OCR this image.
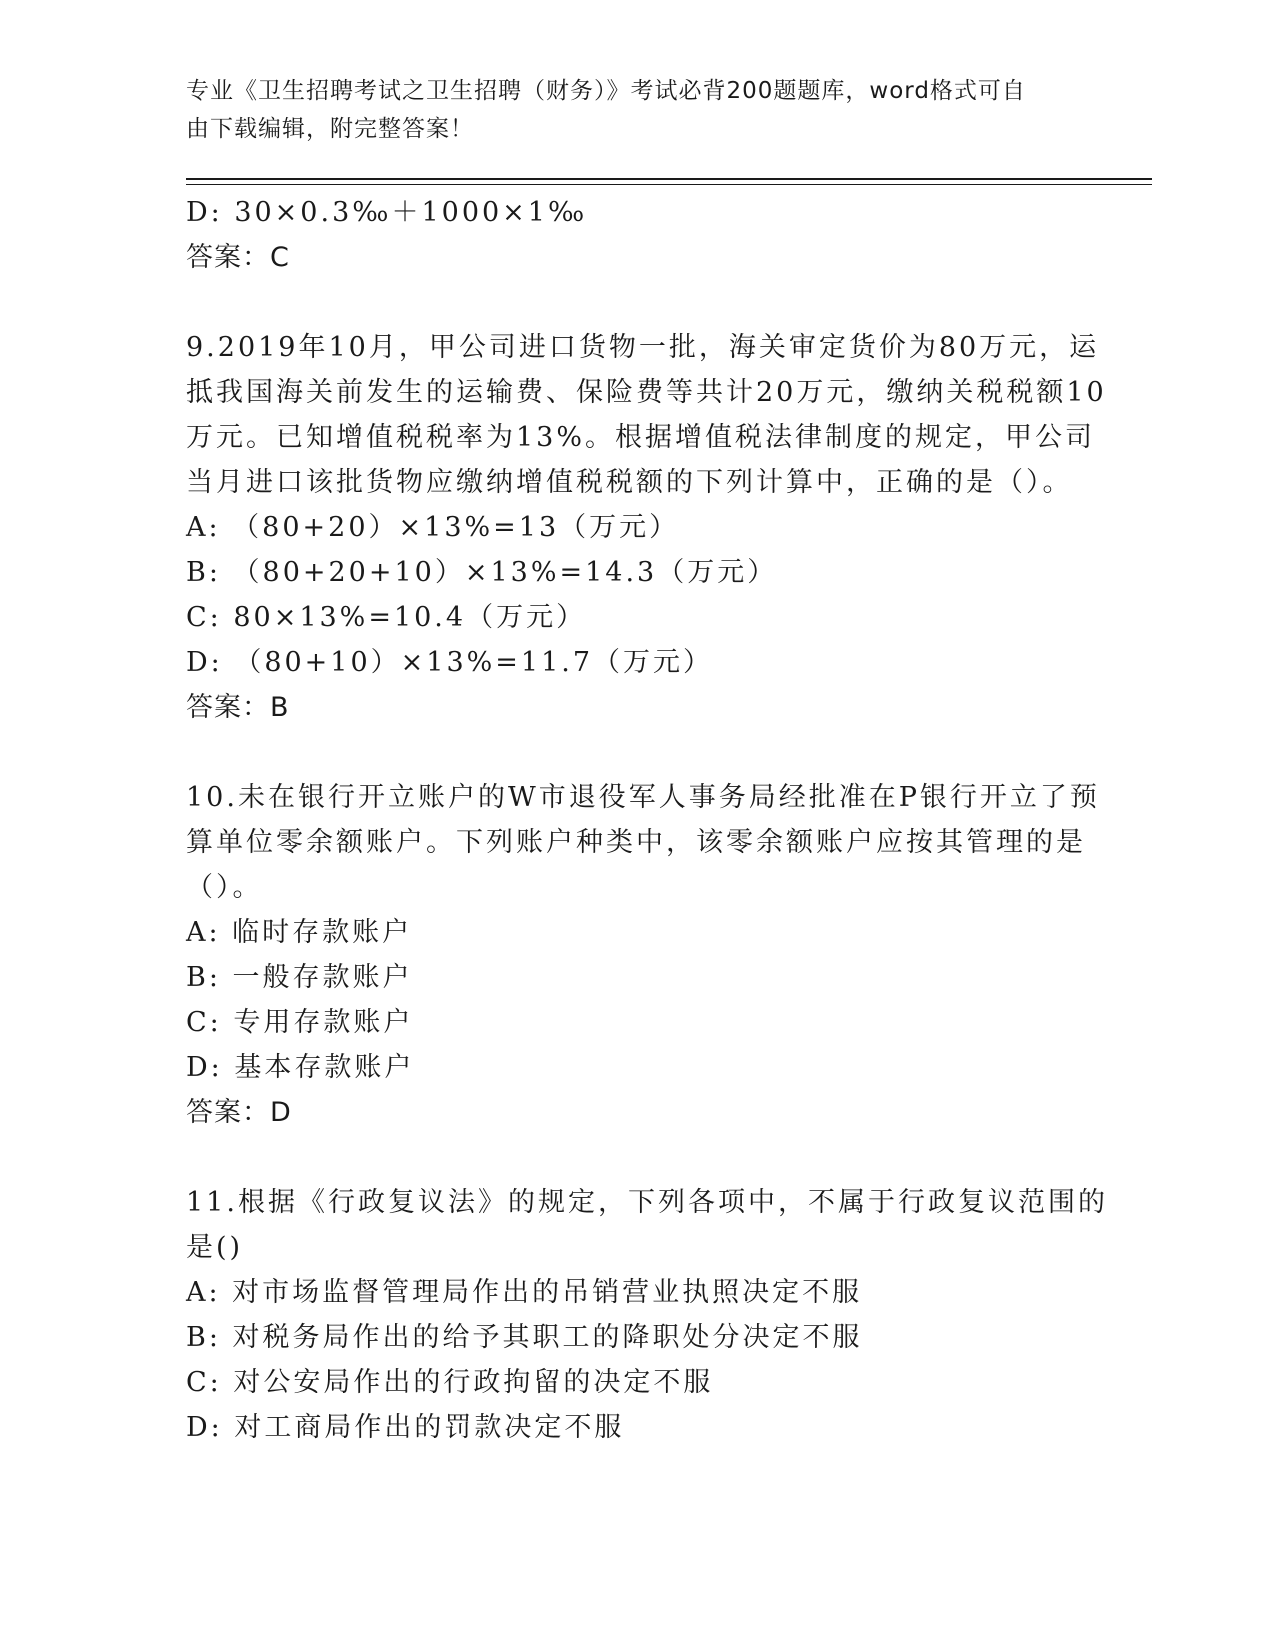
专业《卫生招聘考试之卫生招聘（财务）》考试必背200题题库，word格式可自
由下载编辑，附完整答案！
D: 30×0.3‰＋1000×1‰
答案：C
9.2019年10月，甲公司进口货物一批，海关审定货价为80万元，运
抵我国海关前发生的运输费、保险费等共计20万元，缴纳关税税额10
万元。已知增值税税率为13%。根据增值税法律制度的规定，甲公司
当月进口该批货物应缴纳增值税税额的下列计算中，正确的是（）。
A: （80+20）×13%=13（万元）
B: （80+20+10）×13%=14.3（万元）
C: 80×13%=10.4（万元）
D: （80+10）×13%=11.7（万元）
答案：B
10.未在银行开立账户的W市退役军人事务局经批准在P银行开立了预
算单位零余额账户。下列账户种类中，该零余额账户应按其管理的是
（）。
A: 临时存款账户
B: 一般存款账户
C: 专用存款账户
D: 基本存款账户
答案：D
11.根据《行政复议法》的规定，下列各项中，不属于行政复议范围的
是()
A: 对市场监督管理局作出的吊销营业执照决定不服
B: 对税务局作出的给予其职工的降职处分决定不服
C: 对公安局作出的行政拘留的决定不服
D: 对工商局作出的罚款决定不服
